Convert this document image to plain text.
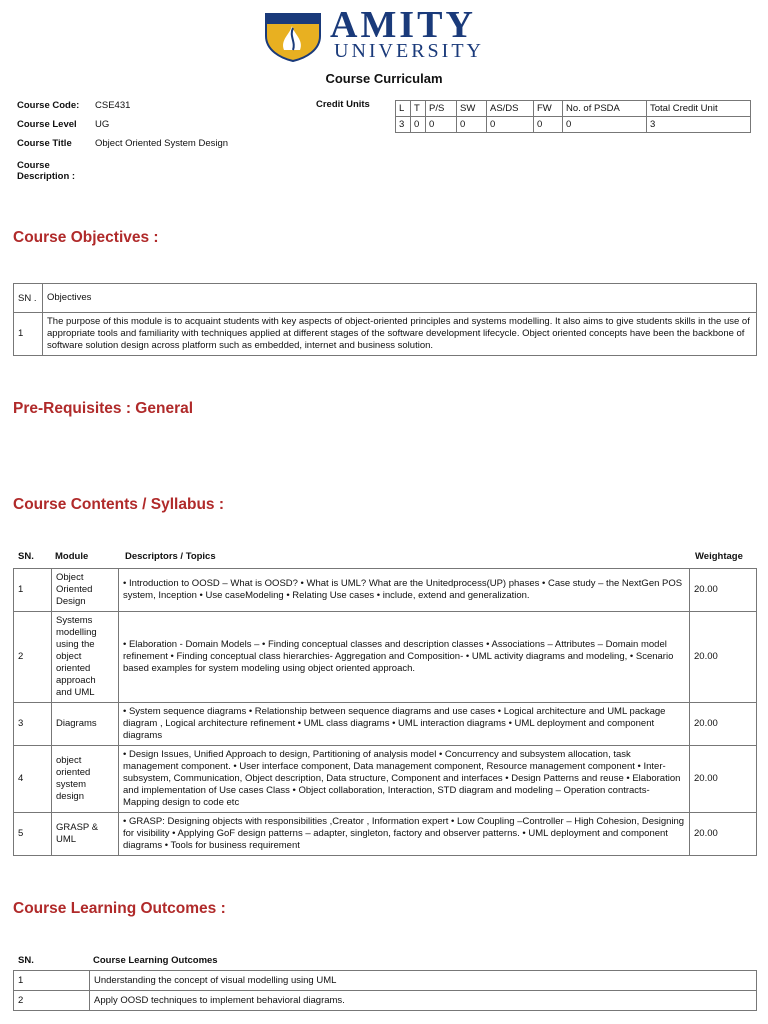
AMITY
UNIVERSITY
Course Curriculam
Course Code: CSE431
Course Level UG
Course Title Object Oriented System Design
Course Description :
Credit Units	L	T	P/S	SW	AS/DS	FW	No. of PSDA	Total Credit Unit
3	0	0	0	0	0	0	3
Course Objectives :
SN .	Objectives
1	The purpose of this module is to acquaint students with key aspects of object-oriented principles and systems modelling. It also aims to give students skills in the use of appropriate tools and familiarity with techniques applied at different stages of the software development lifecycle. Object oriented concepts have been the backbone of software solution design across platform such as embedded, internet and business solution.
Pre-Requisites : General
Course Contents / Syllabus :
SN. Module	Descriptors / Topics	Weightage
1	Object Oriented Design	• Introduction to OOSD – What is OOSD? • What is UML? What are the Unitedprocess(UP) phases • Case study – the NextGen POS system, Inception • Use caseModeling • Relating Use cases • include, extend and generalization.	20.00
2	Systems modelling using the object oriented approach and UML	• Elaboration - Domain Models – • Finding conceptual classes and description classes • Associations – Attributes – Domain model refinement • Finding conceptual class hierarchies- Aggregation and Composition- • UML activity diagrams and modeling, • Scenario based examples for system modeling using object oriented approach.	20.00
3	Diagrams	• System sequence diagrams • Relationship between sequence diagrams and use cases • Logical architecture and UML package diagram , Logical architecture refinement • UML class diagrams • UML interaction diagrams • UML deployment and component diagrams	20.00
4	object oriented system design	• Design Issues, Unified Approach to design, Partitioning of analysis model • Concurrency and subsystem allocation, task management component. • User interface component, Data management component, Resource management component • Inter-subsystem, Communication, Object description, Data structure, Component and interfaces • Design Patterns and reuse • Elaboration and implementation of Use cases Class • Object collaboration, Interaction, STD diagram and modeling – Operation contracts- Mapping design to code etc	20.00
5	GRASP & UML	• GRASP: Designing objects with responsibilities ,Creator , Information expert • Low Coupling –Controller – High Cohesion, Designing for visibility • Applying GoF design patterns – adapter, singleton, factory and observer patterns. • UML deployment and component diagrams • Tools for business requirement	20.00
Course Learning Outcomes :
SN.	Course Learning Outcomes
1	Understanding the concept of visual modelling using UML
2	Apply OOSD techniques to implement behavioral diagrams.
